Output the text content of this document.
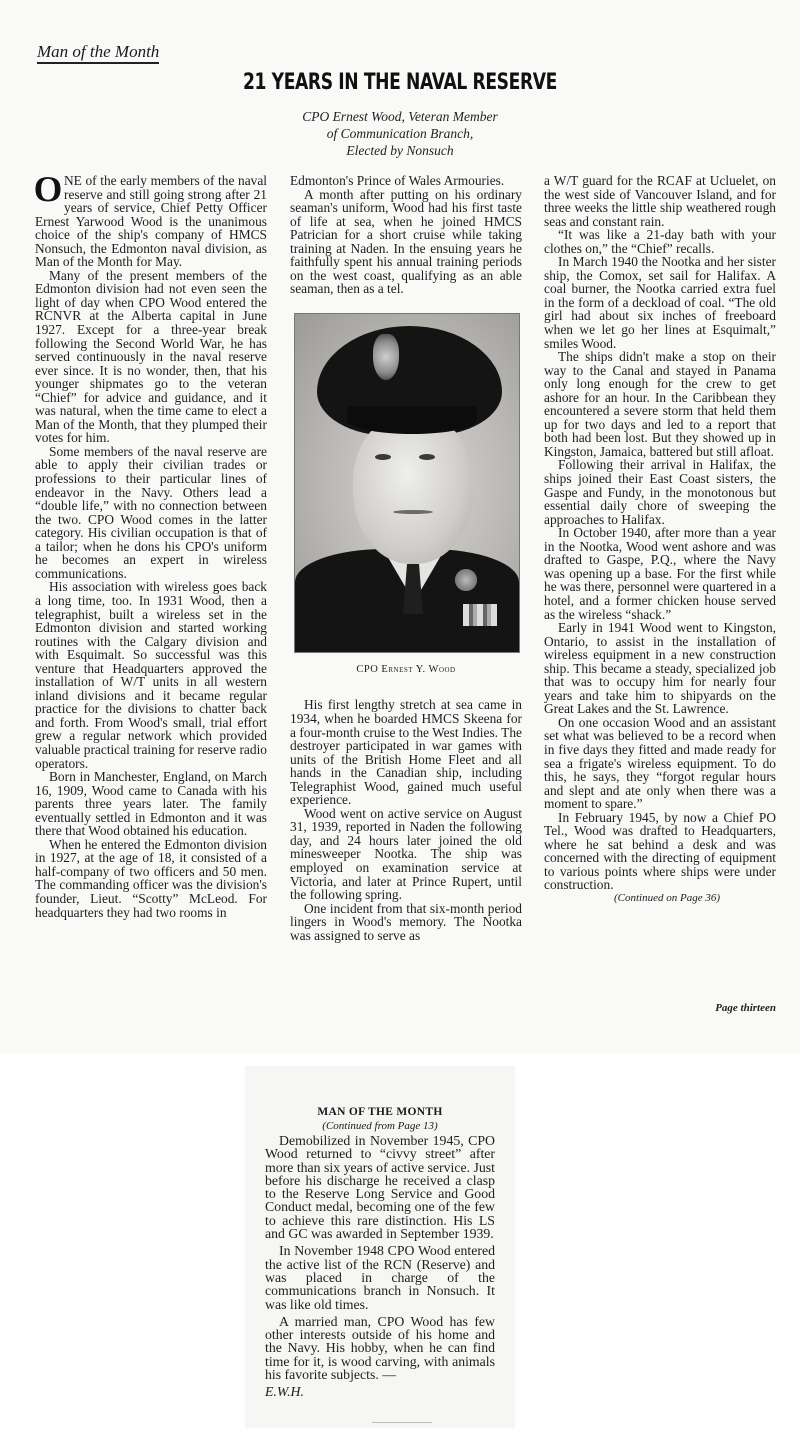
Man of the Month
21 YEARS IN THE NAVAL RESERVE
CPO Ernest Wood, Veteran Member
of Communication Branch,
Elected by Nonsuch

ONE of the early members of the naval reserve and still going strong after 21 years of service, Chief Petty Officer Ernest Yarwood Wood is the unanimous choice of the ship's company of HMCS Nonsuch, the Edmonton naval division, as Man of the Month for May.

Many of the present members of the Edmonton division had not even seen the light of day when CPO Wood entered the RCNVR at the Alberta capital in June 1927. Except for a three-year break following the Second World War, he has served continuously in the naval reserve ever since. It is no wonder, then, that his younger shipmates go to the veteran “Chief” for advice and guidance, and it was natural, when the time came to elect a Man of the Month, that they plumped their votes for him.

Some members of the naval reserve are able to apply their civilian trades or professions to their particular lines of endeavor in the Navy. Others lead a “double life,” with no connection between the two. CPO Wood comes in the latter category. His civilian occupation is that of a tailor; when he dons his CPO's uniform he becomes an expert in wireless communications.

His association with wireless goes back a long time, too. In 1931 Wood, then a telegraphist, built a wireless set in the Edmonton division and started working routines with the Calgary division and with Esquimalt. So successful was this venture that Headquarters approved the installation of W/T units in all western inland divisions and it became regular practice for the divisions to chatter back and forth. From Wood's small, trial effort grew a regular network which provided valuable practical training for reserve radio operators.

Born in Manchester, England, on March 16, 1909, Wood came to Canada with his parents three years later. The family eventually settled in Edmonton and it was there that Wood obtained his education.

When he entered the Edmonton division in 1927, at the age of 18, it consisted of a half-company of two officers and 50 men. The commanding officer was the division's founder, Lieut. “Scotty” McLeod. For headquarters they had two rooms in

Edmonton's Prince of Wales Armouries.

A month after putting on his ordinary seaman's uniform, Wood had his first taste of life at sea, when he joined HMCS Patrician for a short cruise while taking training at Naden. In the ensuing years he faithfully spent his annual training periods on the west coast, qualifying as an able seaman, then as a tel.

CPO Ernest Y. Wood

His first lengthy stretch at sea came in 1934, when he boarded HMCS Skeena for a four-month cruise to the West Indies. The destroyer participated in war games with units of the British Home Fleet and all hands in the Canadian ship, including Telegraphist Wood, gained much useful experience.

Wood went on active service on August 31, 1939, reported in Naden the following day, and 24 hours later joined the old minesweeper Nootka. The ship was employed on examination service at Victoria, and later at Prince Rupert, until the following spring.

One incident from that six-month period lingers in Wood's memory. The Nootka was assigned to serve as

a W/T guard for the RCAF at Ucluelet, on the west side of Vancouver Island, and for three weeks the little ship weathered rough seas and constant rain.

“It was like a 21-day bath with your clothes on,” the “Chief” recalls.

In March 1940 the Nootka and her sister ship, the Comox, set sail for Halifax. A coal burner, the Nootka carried extra fuel in the form of a deckload of coal. “The old girl had about six inches of freeboard when we let go her lines at Esquimalt,” smiles Wood.

The ships didn't make a stop on their way to the Canal and stayed in Panama only long enough for the crew to get ashore for an hour. In the Caribbean they encountered a severe storm that held them up for two days and led to a report that both had been lost. But they showed up in Kingston, Jamaica, battered but still afloat.

Following their arrival in Halifax, the ships joined their East Coast sisters, the Gaspe and Fundy, in the monotonous but essential daily chore of sweeping the approaches to Halifax.

In October 1940, after more than a year in the Nootka, Wood went ashore and was drafted to Gaspe, P.Q., where the Navy was opening up a base. For the first while he was there, personnel were quartered in a hotel, and a former chicken house served as the wireless “shack.”

Early in 1941 Wood went to Kingston, Ontario, to assist in the installation of wireless equipment in a new construction ship. This became a steady, specialized job that was to occupy him for nearly four years and take him to shipyards on the Great Lakes and the St. Lawrence.

On one occasion Wood and an assistant set what was believed to be a record when in five days they fitted and made ready for sea a frigate's wireless equipment. To do this, he says, they “forgot regular hours and slept and ate only when there was a moment to spare.”

In February 1945, by now a Chief PO Tel., Wood was drafted to Headquarters, where he sat behind a desk and was concerned with the directing of equipment to various points where ships were under construction.

(Continued on Page 36)

Page thirteen
MAN OF THE MONTH
(Continued from Page 13)

Demobilized in November 1945, CPO Wood returned to “civvy street” after more than six years of active service. Just before his discharge he received a clasp to the Reserve Long Service and Good Conduct medal, becoming one of the few to achieve this rare distinction. His LS and GC was awarded in September 1939.

In November 1948 CPO Wood entered the active list of the RCN (Reserve) and was placed in charge of the communications branch in Nonsuch. It was like old times.

A married man, CPO Wood has few other interests outside of his home and the Navy. His hobby, when he can find time for it, is wood carving, with animals his favorite subjects. —

E.W.H.
